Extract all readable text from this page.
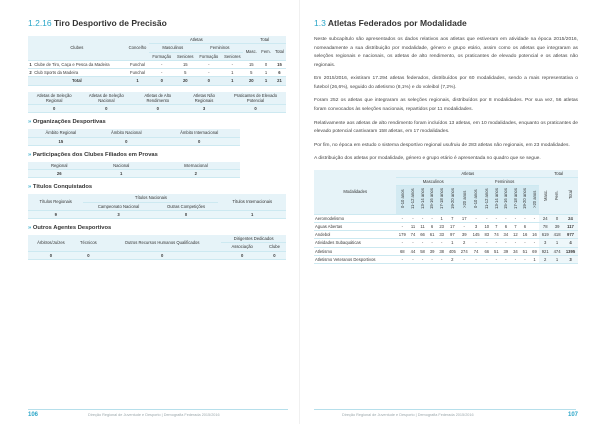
1.2.16 Tiro Desportivo de Precisão
Clubes		Concelho	Atletas				Total		
			Masculinos		Femininos		Masc.	Fem.	Total
			Formação	Seniores	Formação	Seniores			
1	Clube de Tiro, Caça e Pesca da Madeira	Funchal	-	15	-	-	15	0	15
2	Club Sports da Madeira	Funchal	-	5	-	1	5	1	6
Total		1	0	20	0	1	20	1	21
Atletas de Seleção Regional	Atletas de Seleção Nacional	Atletas de Alto Rendimento	Atletas Não Regionais	Praticantes de Elevado Potencial
0	0	0	3	0
» Organizações Desportivas
Âmbito Regional	Âmbito Nacional	Âmbito Internacional
15	0	0
» Participações dos Clubes Filiados em Provas
Regional	Nacional	Internacional
26	1	2
» Títulos Conquistados
Títulos Regionais	Títulos Nacionais		Títulos Internacionais
	Campeonato Nacional	Outras Competições	
9	3	0	1
» Outros Agentes Desportivos
Árbitros/Juízes	Técnicos	Outros Recursos Humanos Qualificados	Dirigentes Dedicados	
			Associação	Clube
0	0	0	0	0
106	Direção Regional de Juventude e Desporto | Demografia Federada 2015/2016
1.3 Atletas Federados por Modalidade

Neste subcapítulo são apresentados os dados relativos aos atletas que estiveram em atividade na época 2015/2016, nomeadamente a sua distribuição por modalidade, género e grupo etário, assim como os atletas que integraram as seleções regionais e nacionais, os atletas de alto rendimento, os praticantes de elevado potencial e os atletas não regionais.

Em 2015/2016, existiram 17.294 atletas federados, distribuídos por 60 modalidades, sendo a mais representativa o futebol (26,6%), seguido do atletismo (8,1%) e do voleibol (7,2%).

Foram 252 os atletas que integraram as seleções regionais, distribuídos por 8 modalidades. Por sua vez, 56 atletas foram convocados às seleções nacionais, repartidos por 11 modalidades.

Relativamente aos atletas de alto rendimento foram incluídos 13 atletas, em 10 modalidades, enquanto os praticantes de elevado potencial cantivaram 158 atletas, em 17 modalidades.

Por fim, no época em estudo o sistema desportivo regional usufruiu de 283 atletas não regionais, em 23 modalidades.

A distribuição dos atletas por modalidade, género e grupo etário é apresentada no quadro que se segue.

Modalidades	Atletas														Total		
	Masculinos							Femininos							Masc.	Fem.	Total
	0-10 anos	11-12 anos	13-14 anos	15-16 anos	17-18 anos	19-20 anos	>20 anos	0-10 anos	11-12 anos	13-14 anos	15-16 anos	17-18 anos	19-20 anos	>20 anos			
Aeromodelismo	-	-	-	-	1	7	17	-	-	-	-	-	-	-	24	0	24
Aguas Abertas	-	11	11	6	23	17	-	3	10	7	6	7	6		78	39	117
Andebol	179	74	66	61	33	97	39	145	83	74	34	12	16	16	619	418	977
Atividades Subaquáticas	-	-	-	-	-	1	2	-	-	-	-	-	-	-	3	1	4
Atletismo	68	44	58	39	38	405	274	74	66	51	39	34	51	69	921	474	1395
Atletismo Veteranos Desportivos	-	-	-	-	-	2	-	-	-	-	-	-	-	1	2	1	3
Direção Regional de Juventude e Desporto | Demografia Federada 2015/2016	107
